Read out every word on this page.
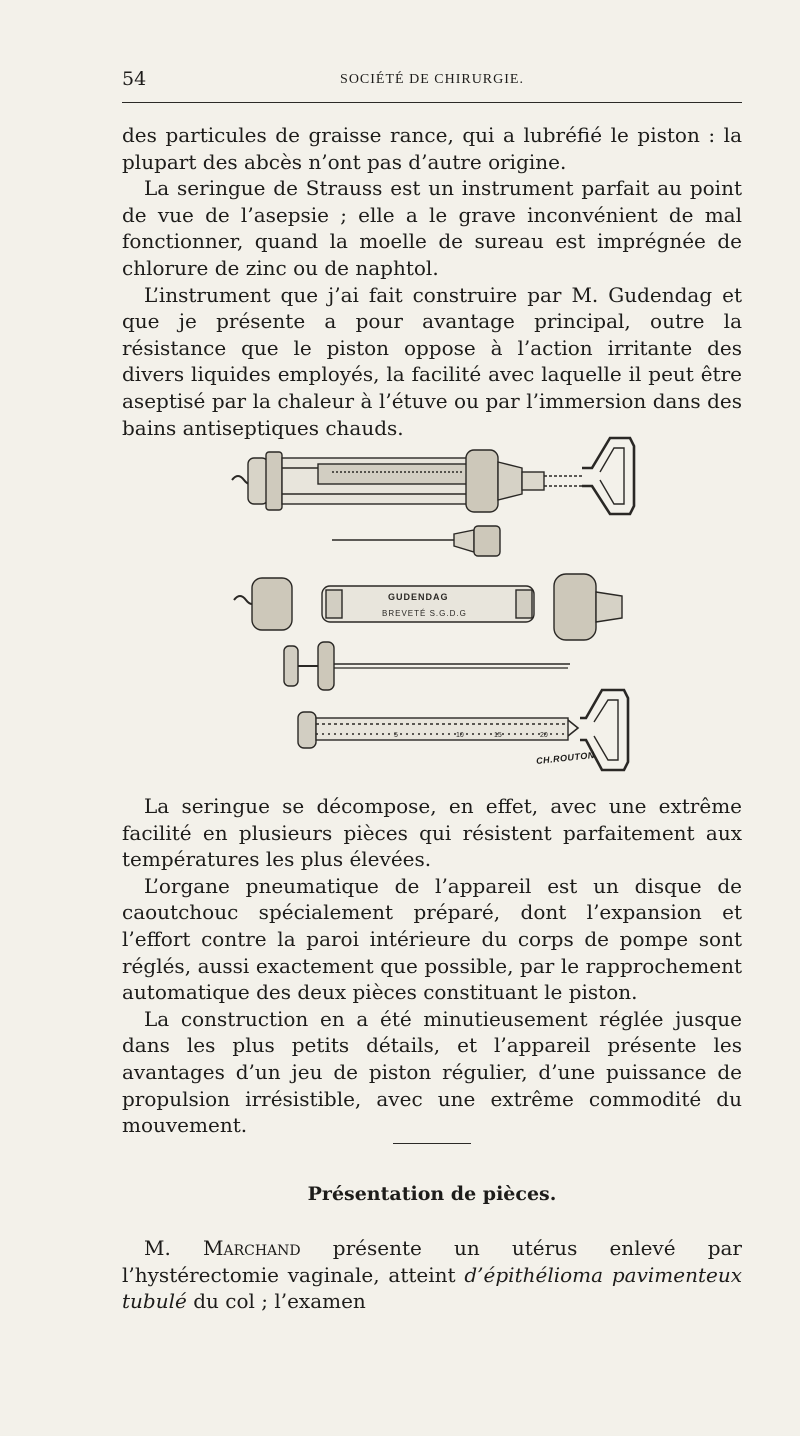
54	SOCIÉTÉ DE CHIRURGIE.

des particules de graisse rance, qui a lubréfié le piston : la plupart des abcès n’ont pas d’autre origine.

La seringue de Strauss est un instrument parfait au point de vue de l’asepsie ; elle a le grave inconvénient de mal fonctionner, quand la moelle de sureau est imprégnée de chlorure de zinc ou de naphtol.

L’instrument que j’ai fait construire par M. Gudendag et que je présente a pour avantage principal, outre la résistance que le piston oppose à l’action irritante des divers liquides employés, la facilité avec laquelle il peut être aseptisé par la chaleur à l’étuve ou par l’immersion dans des bains antiseptiques chauds.

GUDENDAG
BREVETÉ S.G.D.G
5	10	15	20
CH.ROUTON

La seringue se décompose, en effet, avec une extrême facilité en plusieurs pièces qui résistent parfaitement aux températures les plus élevées.

L’organe pneumatique de l’appareil est un disque de caoutchouc spécialement préparé, dont l’expansion et l’effort contre la paroi intérieure du corps de pompe sont réglés, aussi exactement que possible, par le rapprochement automatique des deux pièces constituant le piston.

La construction en a été minutieusement réglée jusque dans les plus petits détails, et l’appareil présente les avantages d’un jeu de piston régulier, d’une puissance de propulsion irrésistible, avec une extrême commodité du mouvement.

Présentation de pièces.

M. Marchand présente un utérus enlevé par l’hystérectomie vaginale, atteint d’épithélioma pavimenteux tubulé du col ; l’examen
